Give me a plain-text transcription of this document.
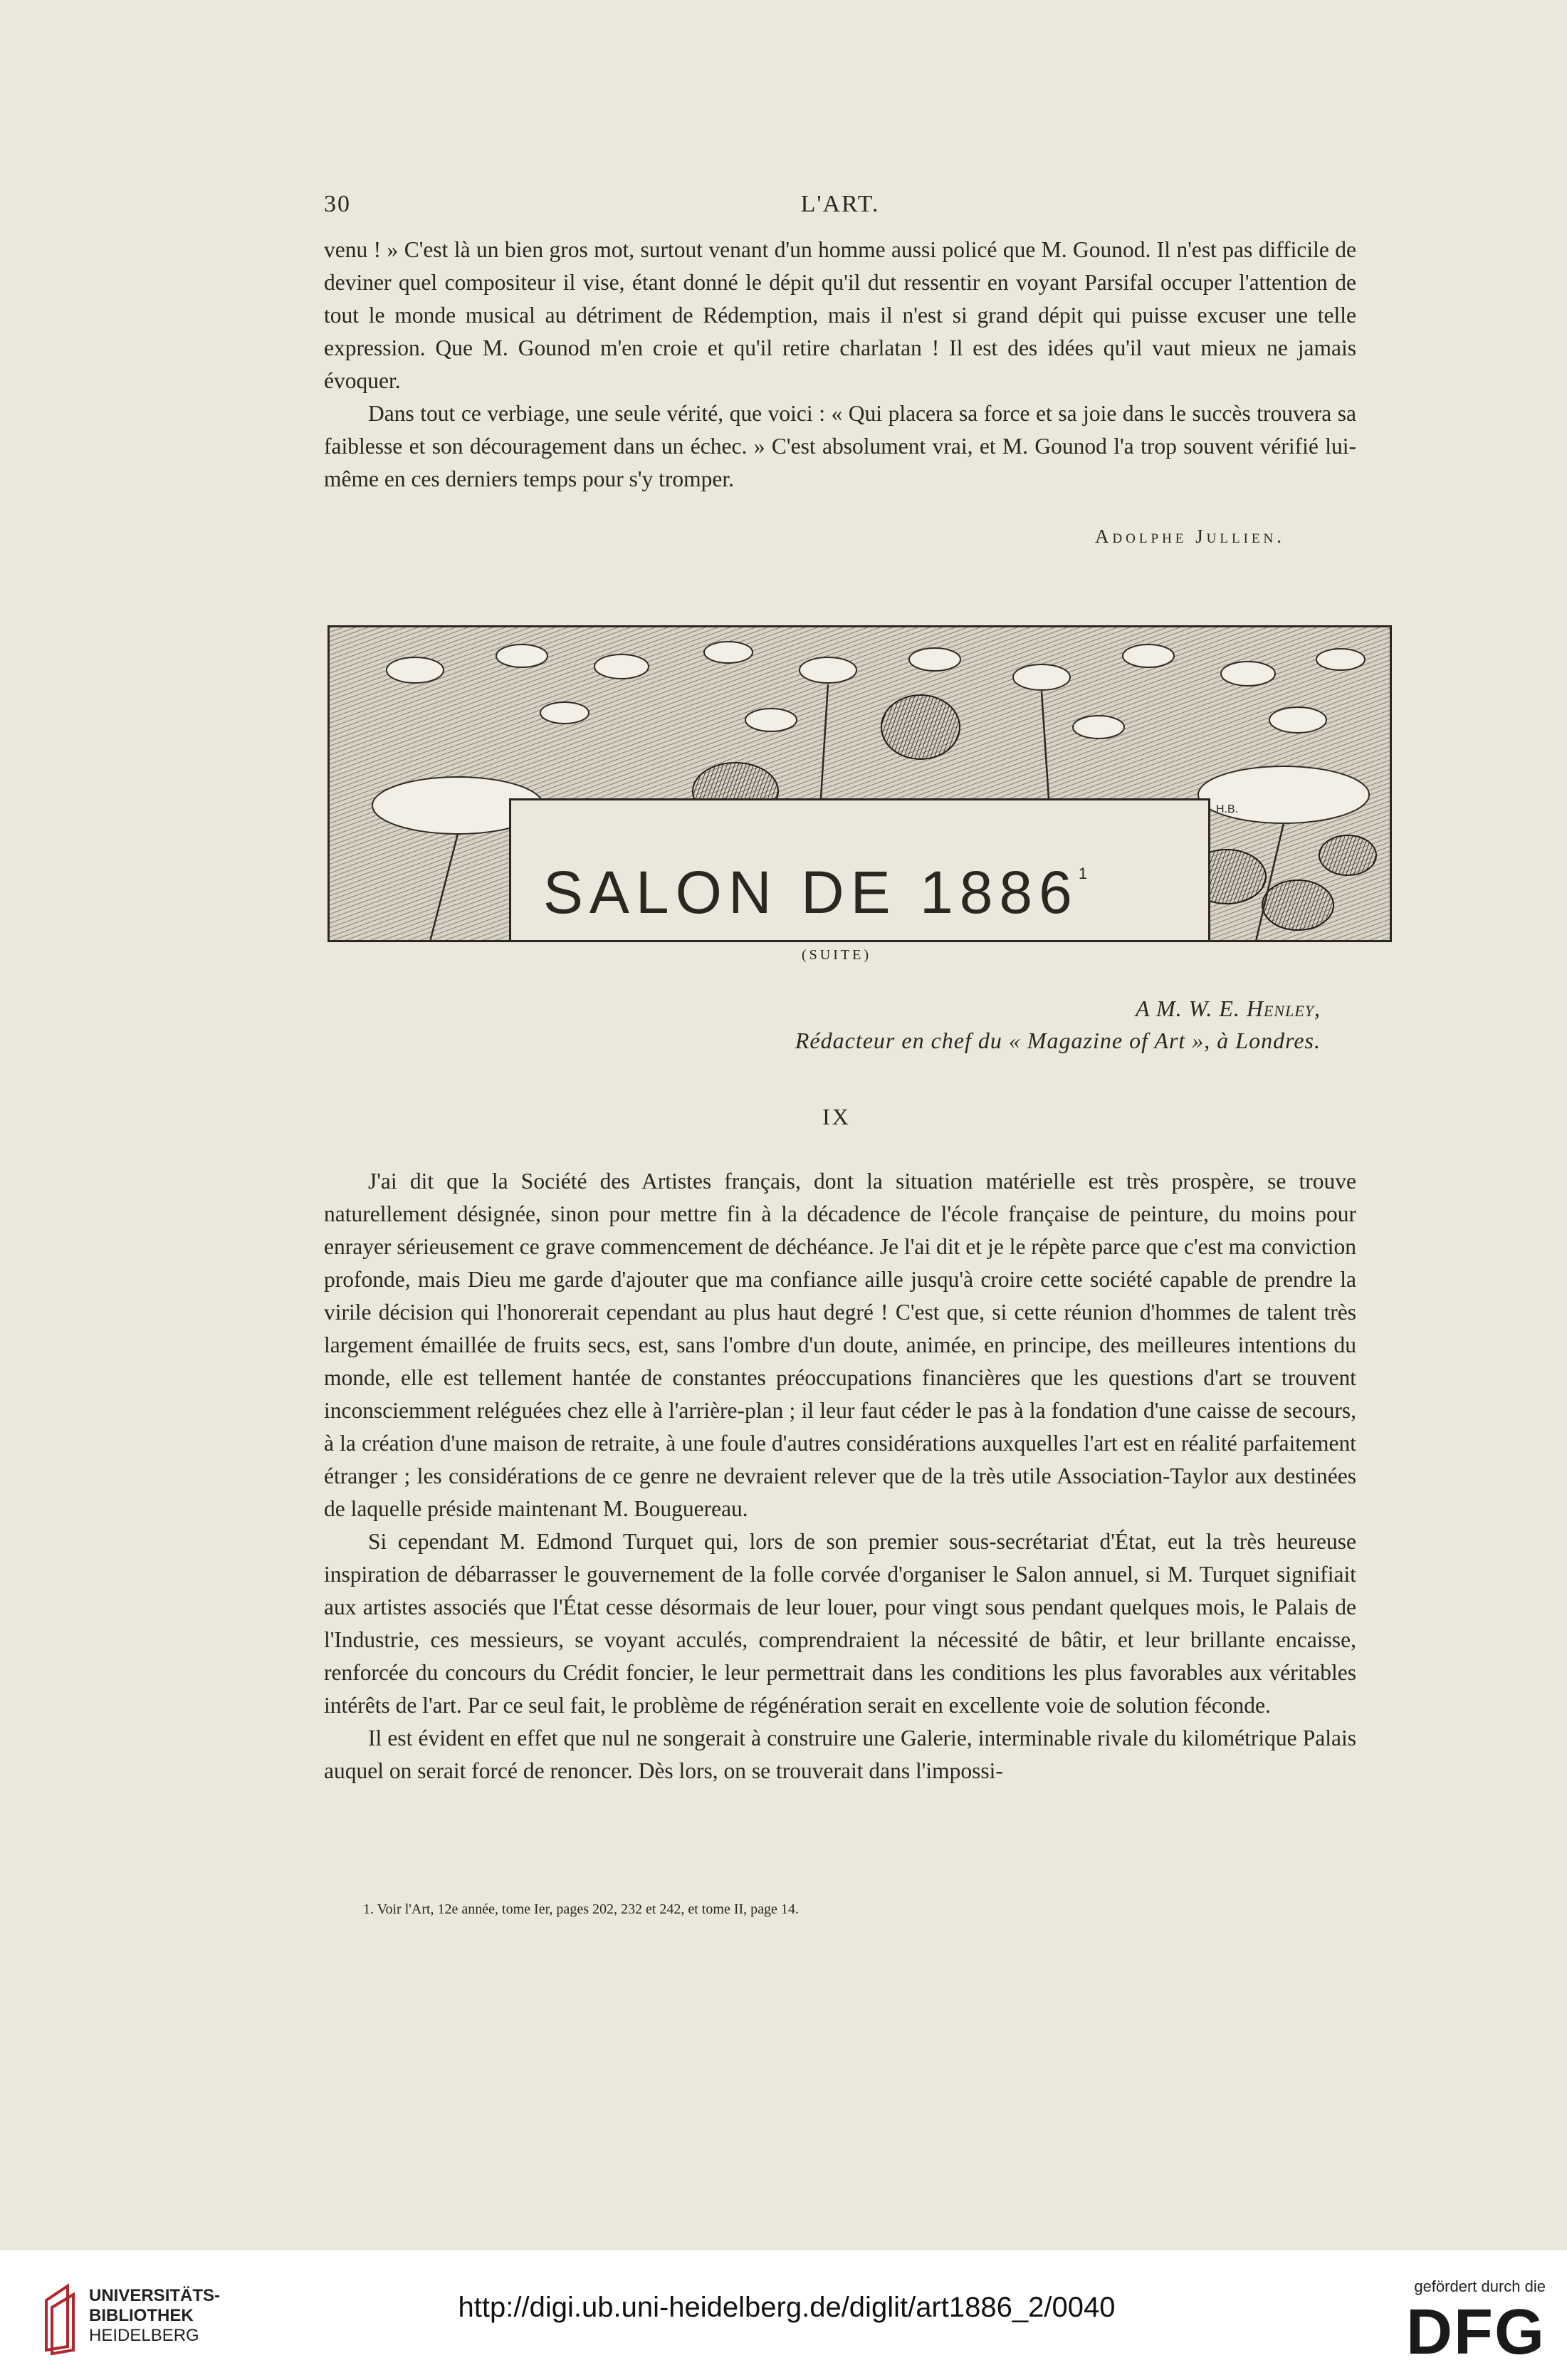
30	L'ART.

venu ! » C'est là un bien gros mot, surtout venant d'un homme aussi policé que M. Gounod. Il n'est pas difficile de deviner quel compositeur il vise, étant donné le dépit qu'il dut ressentir en voyant Parsifal occuper l'attention de tout le monde musical au détriment de Rédemption, mais il n'est si grand dépit qui puisse excuser une telle expression. Que M. Gounod m'en croie et qu'il retire charlatan ! Il est des idées qu'il vaut mieux ne jamais évoquer.

Dans tout ce verbiage, une seule vérité, que voici : « Qui placera sa force et sa joie dans le succès trouvera sa faiblesse et son découragement dans un échec. » C'est absolument vrai, et M. Gounod l'a trop souvent vérifié lui-même en ces derniers temps pour s'y tromper.

Adolphe Jullien.
H.B.
SALON DE 1886$^1$
(SUITE)
A M. W. E. Henley,
Rédacteur en chef du « Magazine of Art », à Londres.
IX

J'ai dit que la Société des Artistes français, dont la situation matérielle est très prospère, se trouve naturellement désignée, sinon pour mettre fin à la décadence de l'école française de peinture, du moins pour enrayer sérieusement ce grave commencement de déchéance. Je l'ai dit et je le répète parce que c'est ma conviction profonde, mais Dieu me garde d'ajouter que ma confiance aille jusqu'à croire cette société capable de prendre la virile décision qui l'honorerait cependant au plus haut degré ! C'est que, si cette réunion d'hommes de talent très largement émaillée de fruits secs, est, sans l'ombre d'un doute, animée, en principe, des meilleures intentions du monde, elle est tellement hantée de constantes préoccupations financières que les questions d'art se trouvent inconsciemment reléguées chez elle à l'arrière-plan ; il leur faut céder le pas à la fondation d'une caisse de secours, à la création d'une maison de retraite, à une foule d'autres considérations auxquelles l'art est en réalité parfaitement étranger ; les considérations de ce genre ne devraient relever que de la très utile Association-Taylor aux destinées de laquelle préside maintenant M. Bouguereau.

Si cependant M. Edmond Turquet qui, lors de son premier sous-secrétariat d'État, eut la très heureuse inspiration de débarrasser le gouvernement de la folle corvée d'organiser le Salon annuel, si M. Turquet signifiait aux artistes associés que l'État cesse désormais de leur louer, pour vingt sous pendant quelques mois, le Palais de l'Industrie, ces messieurs, se voyant acculés, comprendraient la nécessité de bâtir, et leur brillante encaisse, renforcée du concours du Crédit foncier, le leur permettrait dans les conditions les plus favorables aux véritables intérêts de l'art. Par ce seul fait, le problème de régénération serait en excellente voie de solution féconde.

Il est évident en effet que nul ne songerait à construire une Galerie, interminable rivale du kilométrique Palais auquel on serait forcé de renoncer. Dès lors, on se trouverait dans l'impossi-

1. Voir l'Art, 12e année, tome Ier, pages 202, 232 et 242, et tome II, page 14.
UNIVERSITÄTS-
BIBLIOTHEK
HEIDELBERG
http://digi.ub.uni-heidelberg.de/diglit/art1886_2/0040
gefördert durch die
DFG
